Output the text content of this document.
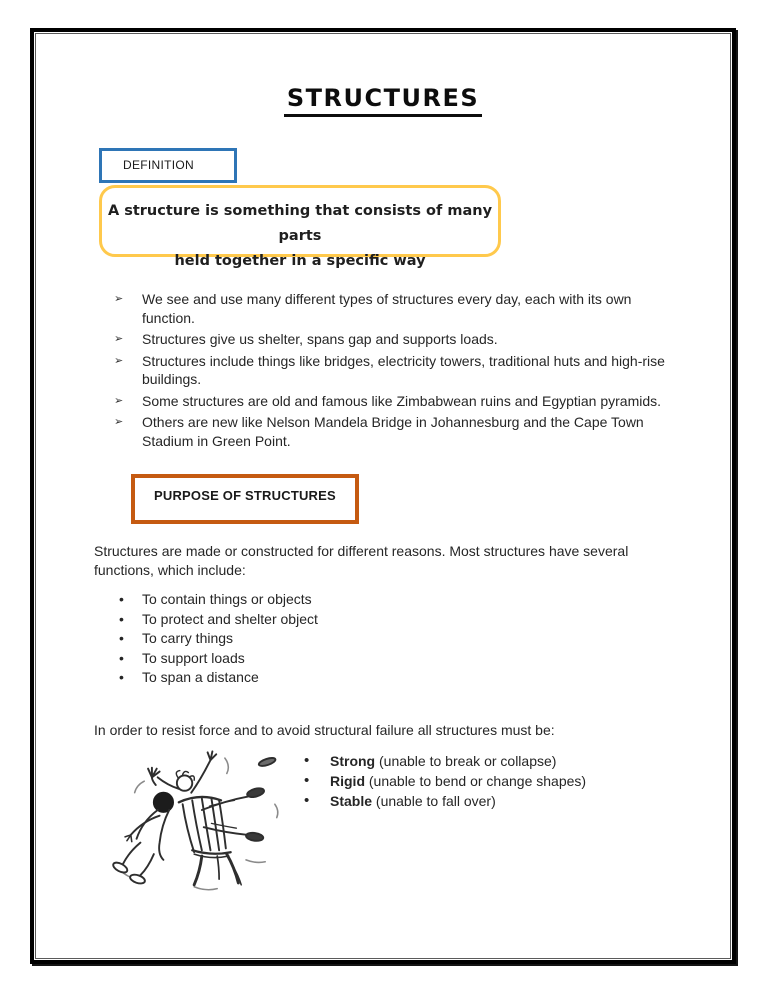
STRUCTURES
DEFINITION
A structure is something that consists of many parts
held together in a specific way
➢	We see and use many different types of structures every day, each with its own function.
➢	Structures give us shelter, spans gap and supports loads.
➢	Structures include things like bridges, electricity towers, traditional huts and high-rise buildings.
➢	Some structures are old and famous like Zimbabwean ruins and Egyptian pyramids.
➢	Others are new like Nelson Mandela Bridge in Johannesburg and the Cape Town Stadium in Green Point.
PURPOSE OF STRUCTURES

Structures are made or constructed for different reasons. Most structures have several functions, which include:

•	To contain things or objects
•	To protect and shelter object
•	To carry things
•	To support loads
•	To span a distance

In order to resist force and to avoid structural failure all structures must be:

•	Strong (unable to break or collapse)
•	Rigid (unable to bend or change shapes)
•	Stable (unable to fall over)
